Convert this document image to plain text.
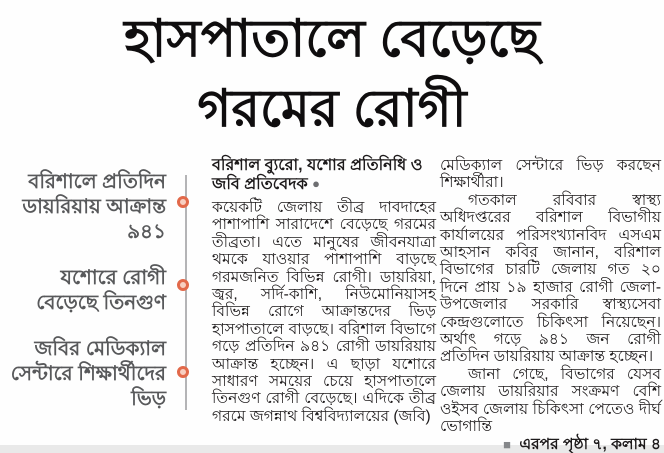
হাসপাতালে বেড়েছে
গরমের রোগী
বরিশালে প্রতিদিন ডায়রিয়ায় আক্রান্ত ৯৪১
যশোরে রোগী বেড়েছে তিনগুণ
জবির মেডিক্যাল সেন্টারে শিক্ষার্থীদের ভিড়

বরিশাল ব্যুরো, যশোর প্রতিনিধি ও জবি প্রতিবেদক ●

কয়েকটি জেলায় তীব্র দাবদাহের পাশাপাশি সারাদেশে বেড়েছে গরমের তীব্রতা। এতে মানুষের জীবনযাত্রা থমকে যাওয়ার পাশাপাশি বাড়ছে গরমজনিত বিভিন্ন রোগী। ডায়রিয়া, জ্বর, সর্দি-কাশি, নিউমোনিয়াসহ বিভিন্ন রোগে আক্রান্তদের ভিড় হাসপাতালে বাড়ছে। বরিশাল বিভাগে গড়ে প্রতিদিন ৯৪১ রোগী ডায়রিয়ায় আক্রান্ত হচ্ছেন। এ ছাড়া যশোরে সাধারণ সময়ের চেয়ে হাসপাতালে তিনগুণ রোগী বেড়েছে। এদিকে তীব্র গরমে জগন্নাথ বিশ্ববিদ্যালয়ের (জবি)

মেডিক্যাল সেন্টারে ভিড় করছেন শিক্ষার্থীরা।

গতকাল রবিবার স্বাস্থ্য অধিদপ্তরের বরিশাল বিভাগীয় কার্যালয়ের পরিসংখ্যানবিদ এসএম আহসান কবির জানান, বরিশাল বিভাগের চারটি জেলায় গত ২০ দিনে প্রায় ১৯ হাজার রোগী জেলা-উপজেলার সরকারি স্বাস্থ্যসেবা কেন্দ্রগুলোতে চিকিৎসা নিয়েছেন। অর্থাৎ গড়ে ৯৪১ জন রোগী প্রতিদিন ডায়রিয়ায় আক্রান্ত হচ্ছেন।

জানা গেছে, বিভাগের যেসব জেলায় ডায়রিয়ার সংক্রমণ বেশি ওইসব জেলায় চিকিৎসা পেতেও দীর্ঘ ভোগান্তি
■ এরপর পৃষ্ঠা ৭, কলাম ৪
